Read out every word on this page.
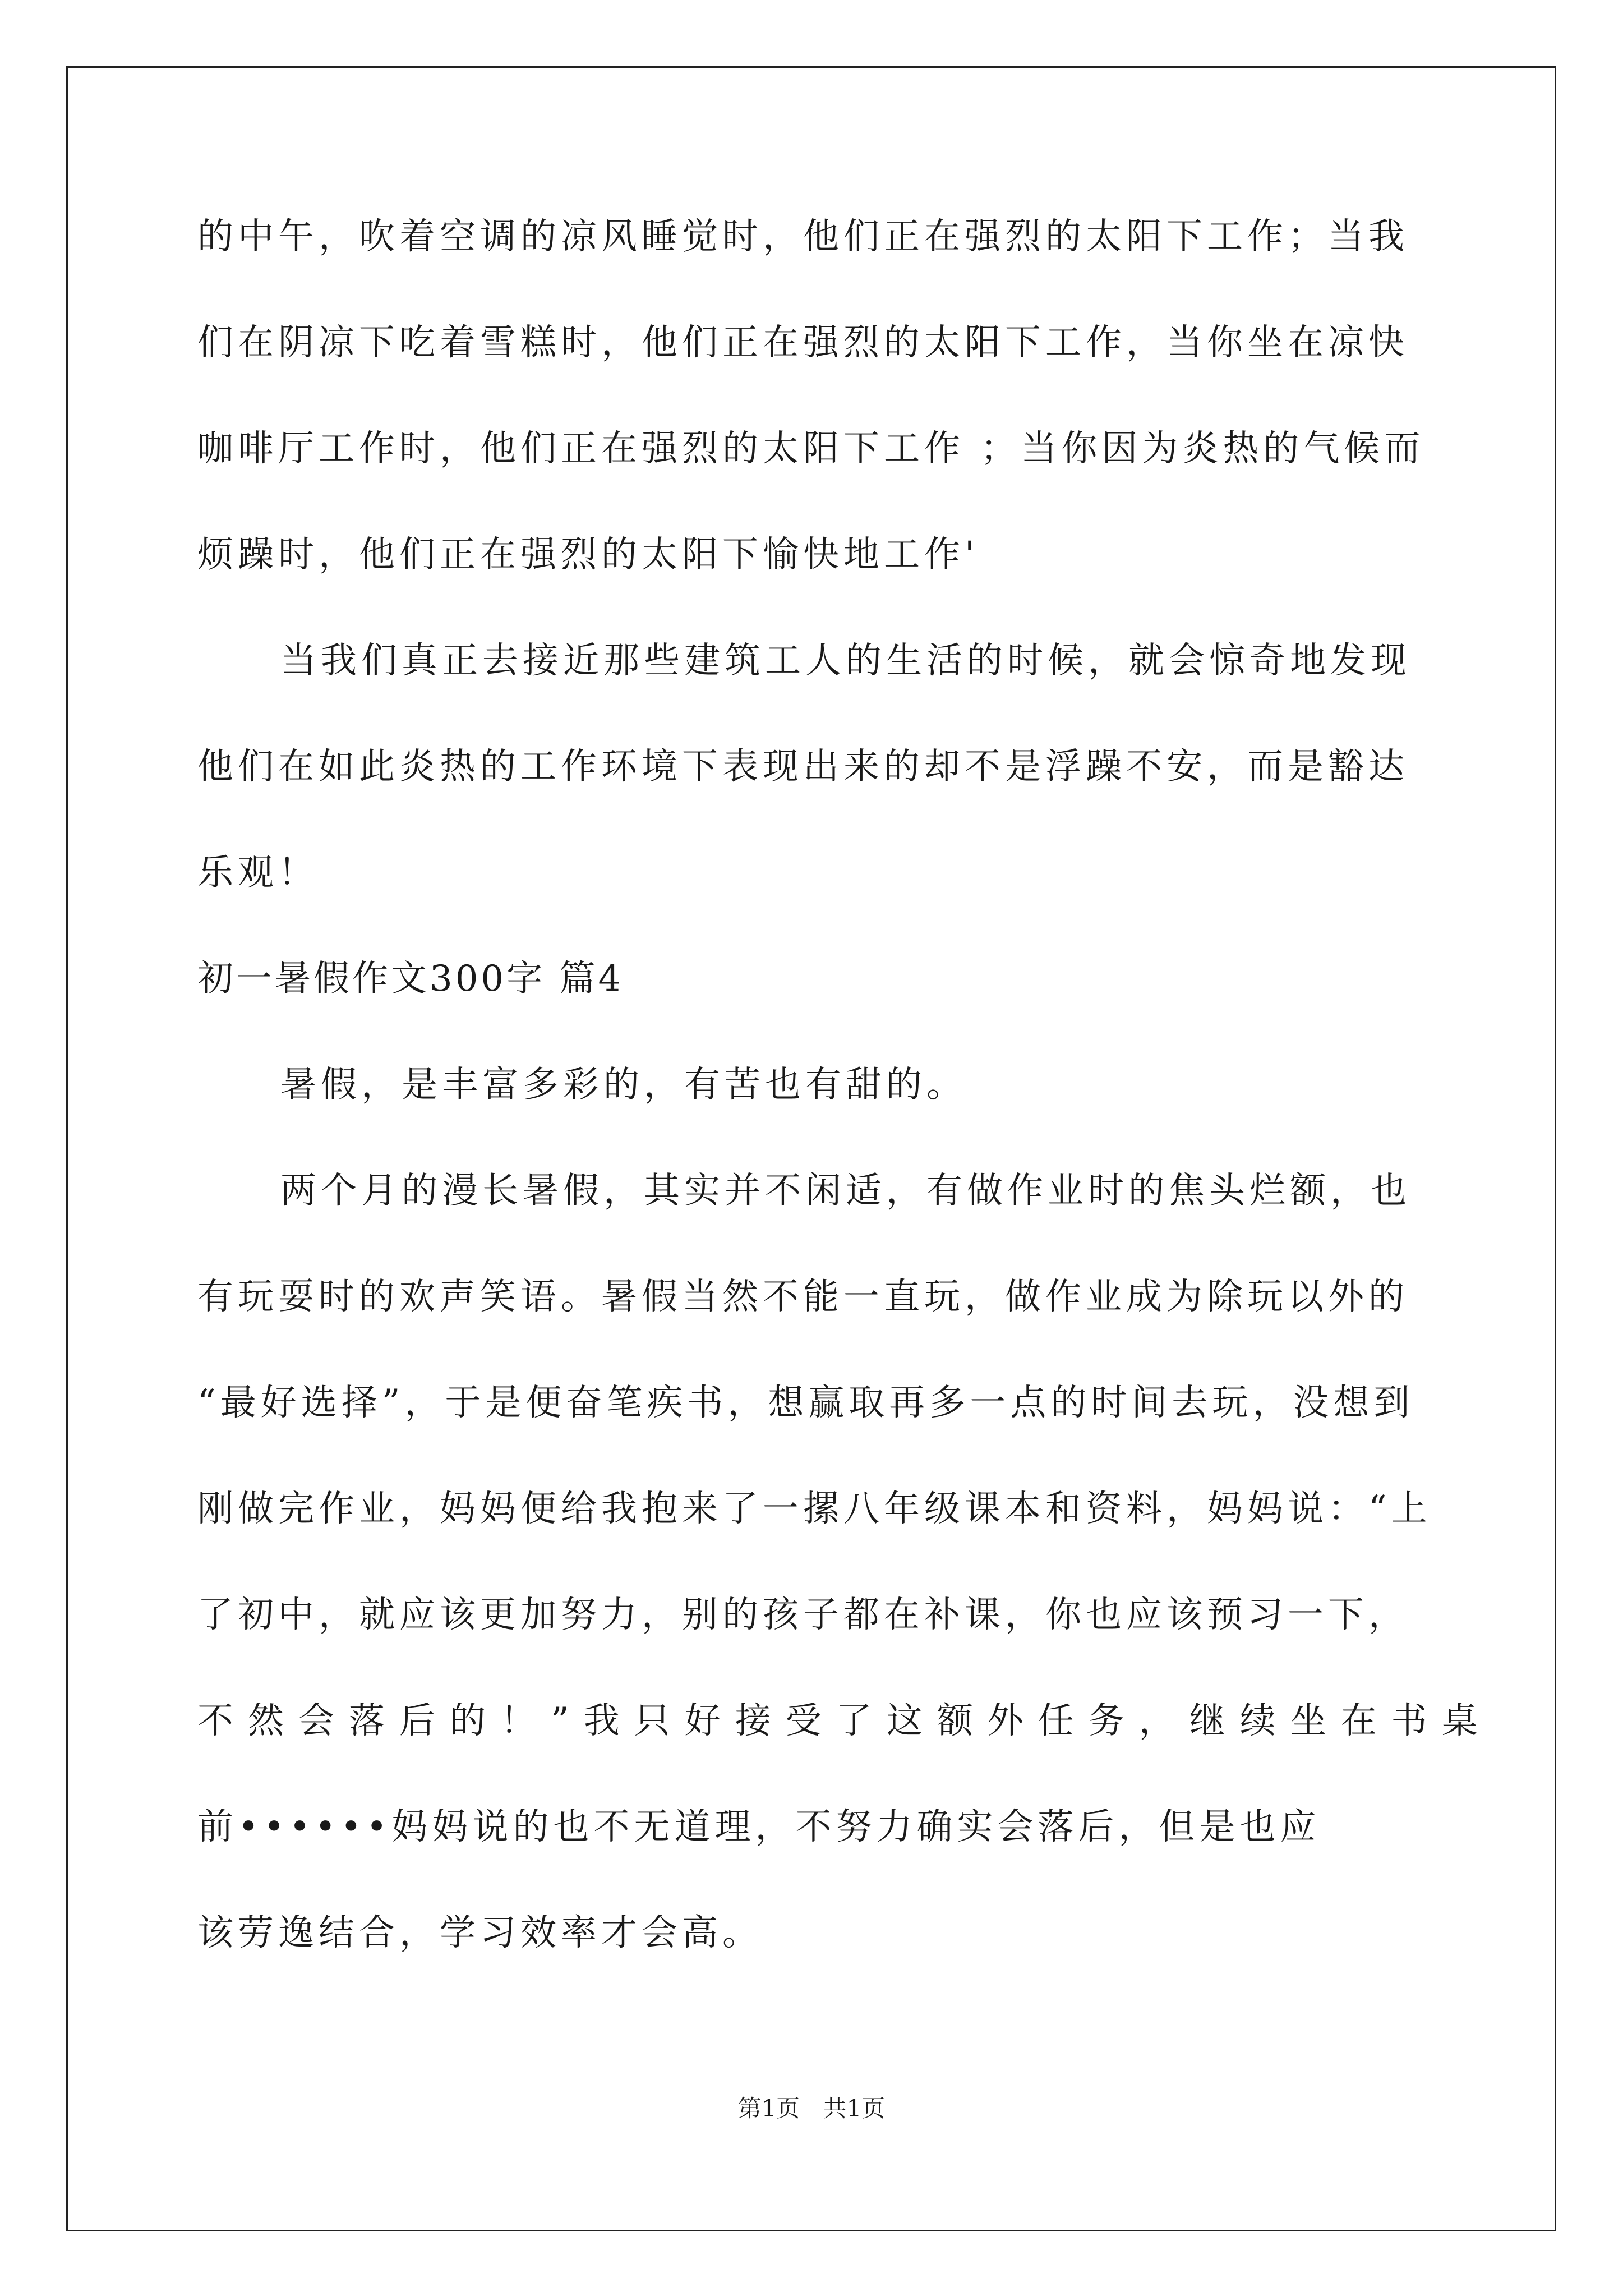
的中午，吹着空调的凉风睡觉时，他们正在强烈的太阳下工作；当我
们在阴凉下吃着雪糕时，他们正在强烈的太阳下工作，当你坐在凉快
咖啡厅工作时，他们正在强烈的太阳下工作 ；当你因为炎热的气候而
烦躁时，他们正在强烈的太阳下愉快地工作'
当我们真正去接近那些建筑工人的生活的时候，就会惊奇地发现
他们在如此炎热的工作环境下表现出来的却不是浮躁不安，而是豁达
乐观！
初一暑假作文300字 篇4
暑假，是丰富多彩的，有苦也有甜的。
两个月的漫长暑假，其实并不闲适，有做作业时的焦头烂额，也
有玩耍时的欢声笑语。暑假当然不能一直玩，做作业成为除玩以外的
“最好选择”，于是便奋笔疾书，想赢取再多一点的时间去玩，没想到
刚做完作业，妈妈便给我抱来了一摞八年级课本和资料，妈妈说：“上
了初中，就应该更加努力，别的孩子都在补课，你也应该预习一下，
不然会落后的！”我只好接受了这额外任务，继续坐在书桌
前••••••妈妈说的也不无道理，不努力确实会落后，但是也应
该劳逸结合，学习效率才会高。
第1页 共1页
